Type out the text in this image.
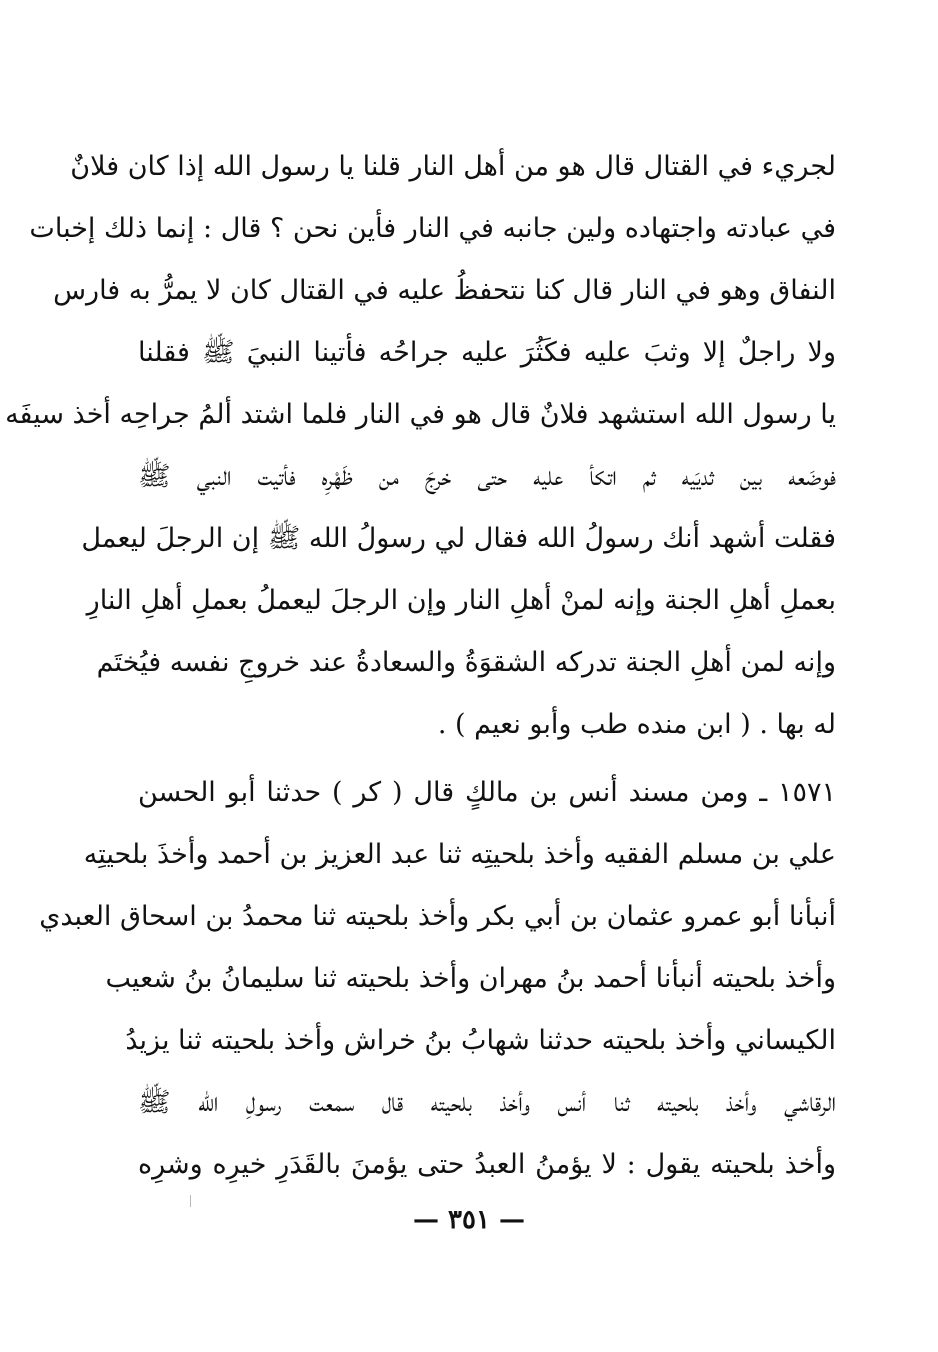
لجريء في القتال قال هو من أهل النار قلنا يا رسول الله إذا كان فلانٌ
في عبادته واجتهاده ولين جانبه في النار فأين نحن ؟ قال : إنما ذلك إخبات
النفاق وهو في النار قال كنا نتحفظُ عليه في القتال كان لا يمرُّ به فارس
ولا راجلٌ إلا وثبَ عليه فكَثُرَ عليه جراحُه فأتينا النبيَ ﷺ فقلنا
يا رسول الله استشهد فلانٌ قال هو في النار فلما اشتد ألمُ جراحِه أخذ سيفَه
فوضَعه بين ثديَيه ثم اتكأ عليه حتى خرجَ من ظَهْرِه فأتيت النبي ﷺ
فقلت أشهد أنك رسولُ الله فقال لي رسولُ الله ﷺ إن الرجلَ ليعمل
بعملِ أهلِ الجنة وإنه لمنْ أهلِ النار وإن الرجلَ ليعملُ بعملِ أهلِ النارِ
وإنه لمن أهلِ الجنة تدركه الشقوَةُ والسعادةُ عند خروجِ نفسه فيُختَم
له بها . ( ابن منده طب وأبو نعيم ) .
١٥٧١ ـ ومن مسند أنس بن مالكٍ قال ( كر ) حدثنا أبو الحسن
علي بن مسلم الفقيه وأخذ بلحيتِه ثنا عبد العزيز بن أحمد وأخذَ بلحيتِه
أنبأنا أبو عمرو عثمان بن أبي بكر وأخذ بلحيته ثنا محمدُ بن اسحاق العبدي
وأخذ بلحيته أنبأنا أحمد بنُ مهران وأخذ بلحيته ثنا سليمانُ بنُ شعيب
الكيساني وأخذ بلحيته حدثنا شهابُ بنُ خراش وأخذ بلحيته ثنا يزيدُ
الرقاشي وأخذ بلحيته ثنا أنس وأخذ بلحيته قال سمعت رسولِ الله ﷺ
وأخذ بلحيته يقول : لا يؤمنُ العبدُ حتى يؤمنَ بالقَدَرِ خيرِه وشرِه
— ٣٥١ —
